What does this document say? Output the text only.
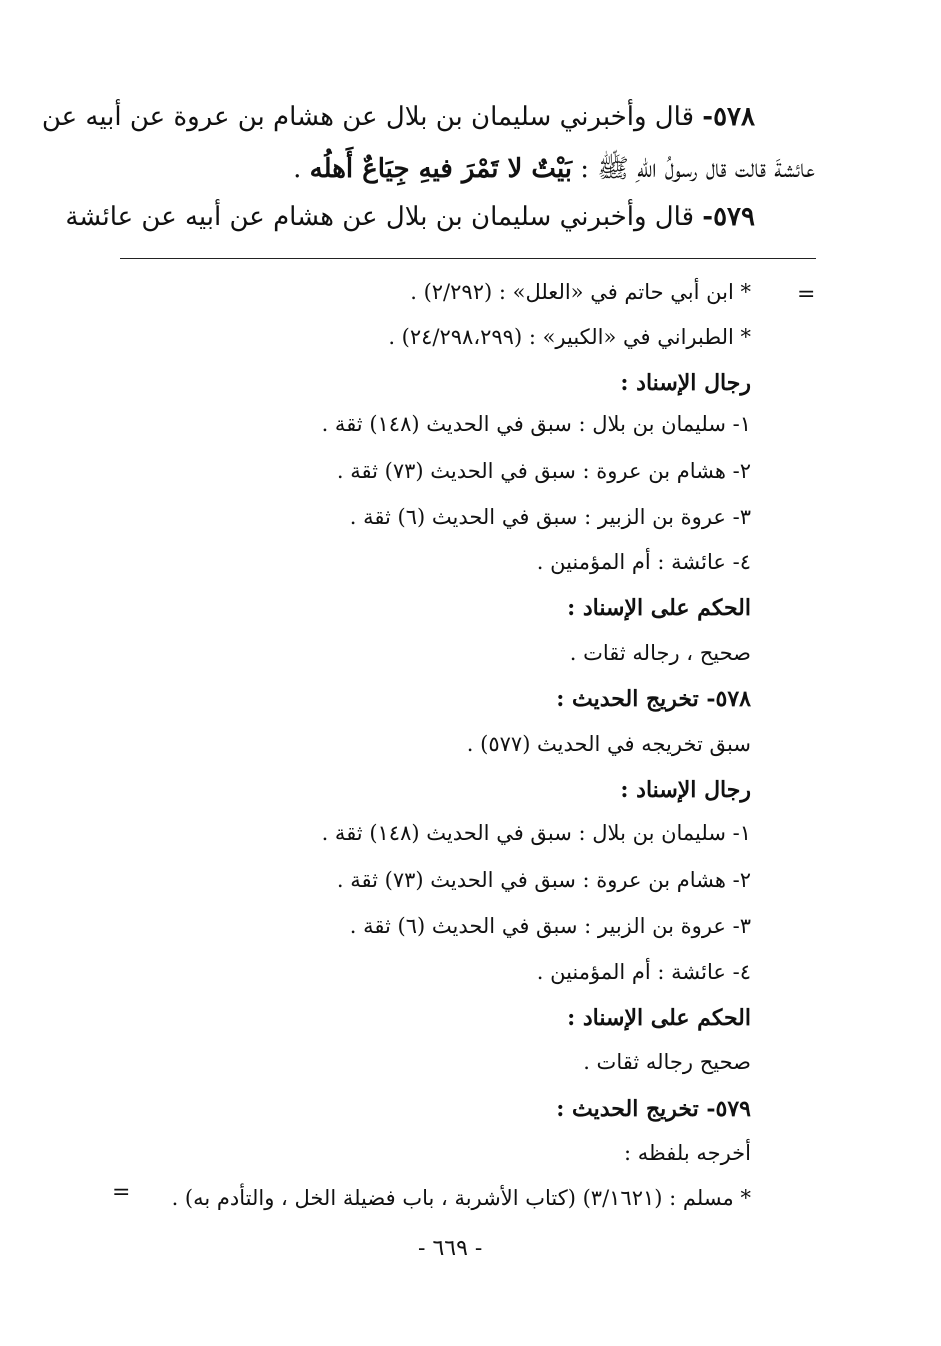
٥٧٨- قال وأخبرني سليمان بن بلال عن هشام بن عروة عن أبيه عن
عائشةَ قالت قال رسولُ اللهِ ﷺ : بَيْتٌ لا تَمْرَ فيهِ جِيَاعٌ أَهلُه .
٥٧٩- قال وأخبرني سليمان بن بلال عن هشام عن أبيه عن عائشة
=
* ابن أبي حاتم في «العلل» : (٢/٢٩٢) .
* الطبراني في «الكبير» : (٢٤/٢٩٨،٢٩٩) .
رجال الإسناد :
١- سليمان بن بلال : سبق في الحديث (١٤٨) ثقة .
٢- هشام بن عروة : سبق في الحديث (٧٣) ثقة .
٣- عروة بن الزبير : سبق في الحديث (٦) ثقة .
٤- عائشة : أم المؤمنين .
الحكم على الإسناد :
صحيح ، رجاله ثقات .
٥٧٨- تخريج الحديث :
سبق تخريجه في الحديث (٥٧٧) .
رجال الإسناد :
١- سليمان بن بلال : سبق في الحديث (١٤٨) ثقة .
٢- هشام بن عروة : سبق في الحديث (٧٣) ثقة .
٣- عروة بن الزبير : سبق في الحديث (٦) ثقة .
٤- عائشة : أم المؤمنين .
الحكم على الإسناد :
صحيح رجاله ثقات .
٥٧٩- تخريج الحديث :
أخرجه بلفظه :
* مسلم : (٣/١٦٢١) (كتاب الأشربة ، باب فضيلة الخل ، والتأدم به) .
=
- ٦٦٩ -
